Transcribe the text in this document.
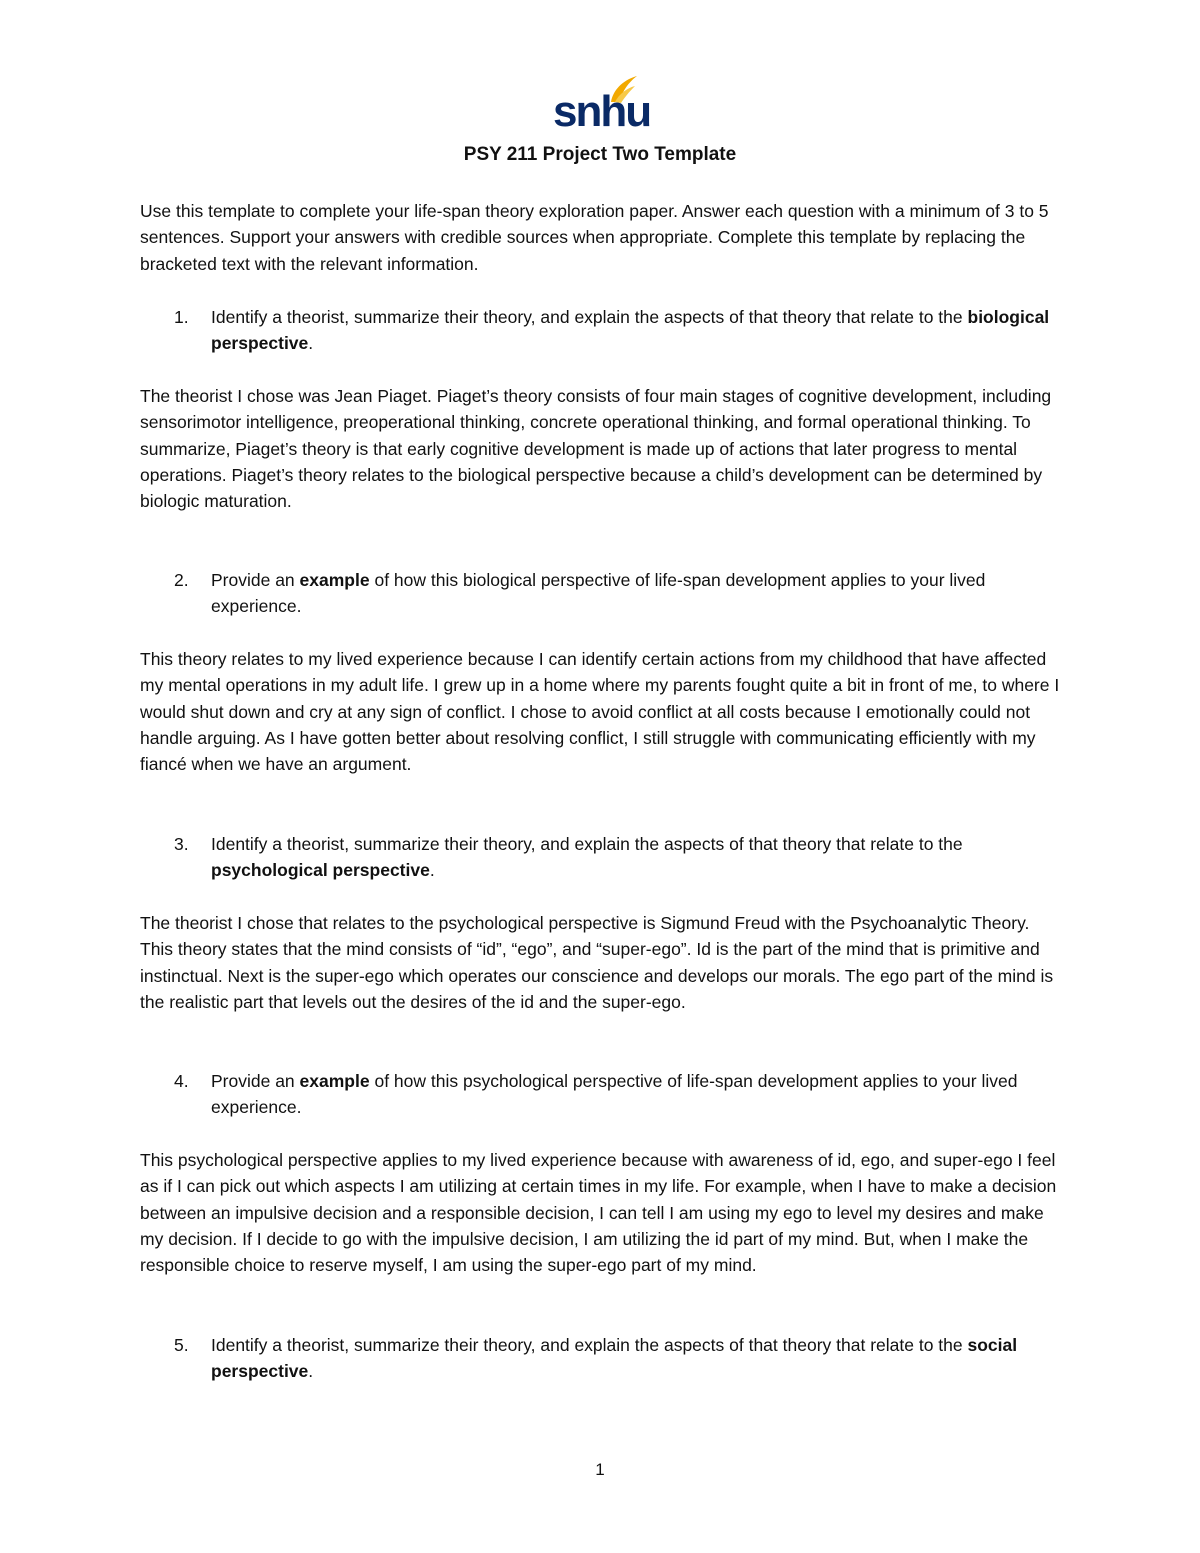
snhu
PSY 211 Project Two Template

Use this template to complete your life-span theory exploration paper. Answer each question with a minimum of 3 to 5 sentences. Support your answers with credible sources when appropriate. Complete this template by replacing the bracketed text with the relevant information.

1. Identify a theorist, summarize their theory, and explain the aspects of that theory that relate to the biological perspective.

The theorist I chose was Jean Piaget. Piaget’s theory consists of four main stages of cognitive development, including sensorimotor intelligence, preoperational thinking, concrete operational thinking, and formal operational thinking. To summarize, Piaget’s theory is that early cognitive development is made up of actions that later progress to mental operations. Piaget’s theory relates to the biological perspective because a child’s development can be determined by biologic maturation.

2. Provide an example of how this biological perspective of life-span development applies to your lived experience.

This theory relates to my lived experience because I can identify certain actions from my childhood that have affected my mental operations in my adult life. I grew up in a home where my parents fought quite a bit in front of me, to where I would shut down and cry at any sign of conflict. I chose to avoid conflict at all costs because I emotionally could not handle arguing. As I have gotten better about resolving conflict, I still struggle with communicating efficiently with my fiancé when we have an argument.

3. Identify a theorist, summarize their theory, and explain the aspects of that theory that relate to the psychological perspective.

The theorist I chose that relates to the psychological perspective is Sigmund Freud with the Psychoanalytic Theory. This theory states that the mind consists of “id”, “ego”, and “super-ego”. Id is the part of the mind that is primitive and instinctual. Next is the super-ego which operates our conscience and develops our morals. The ego part of the mind is the realistic part that levels out the desires of the id and the super-ego.

4. Provide an example of how this psychological perspective of life-span development applies to your lived experience.

This psychological perspective applies to my lived experience because with awareness of id, ego, and super-ego I feel as if I can pick out which aspects I am utilizing at certain times in my life. For example, when I have to make a decision between an impulsive decision and a responsible decision, I can tell I am using my ego to level my desires and make my decision. If I decide to go with the impulsive decision, I am utilizing the id part of my mind. But, when I make the responsible choice to reserve myself, I am using the super-ego part of my mind.

5. Identify a theorist, summarize their theory, and explain the aspects of that theory that relate to the social perspective.
1
